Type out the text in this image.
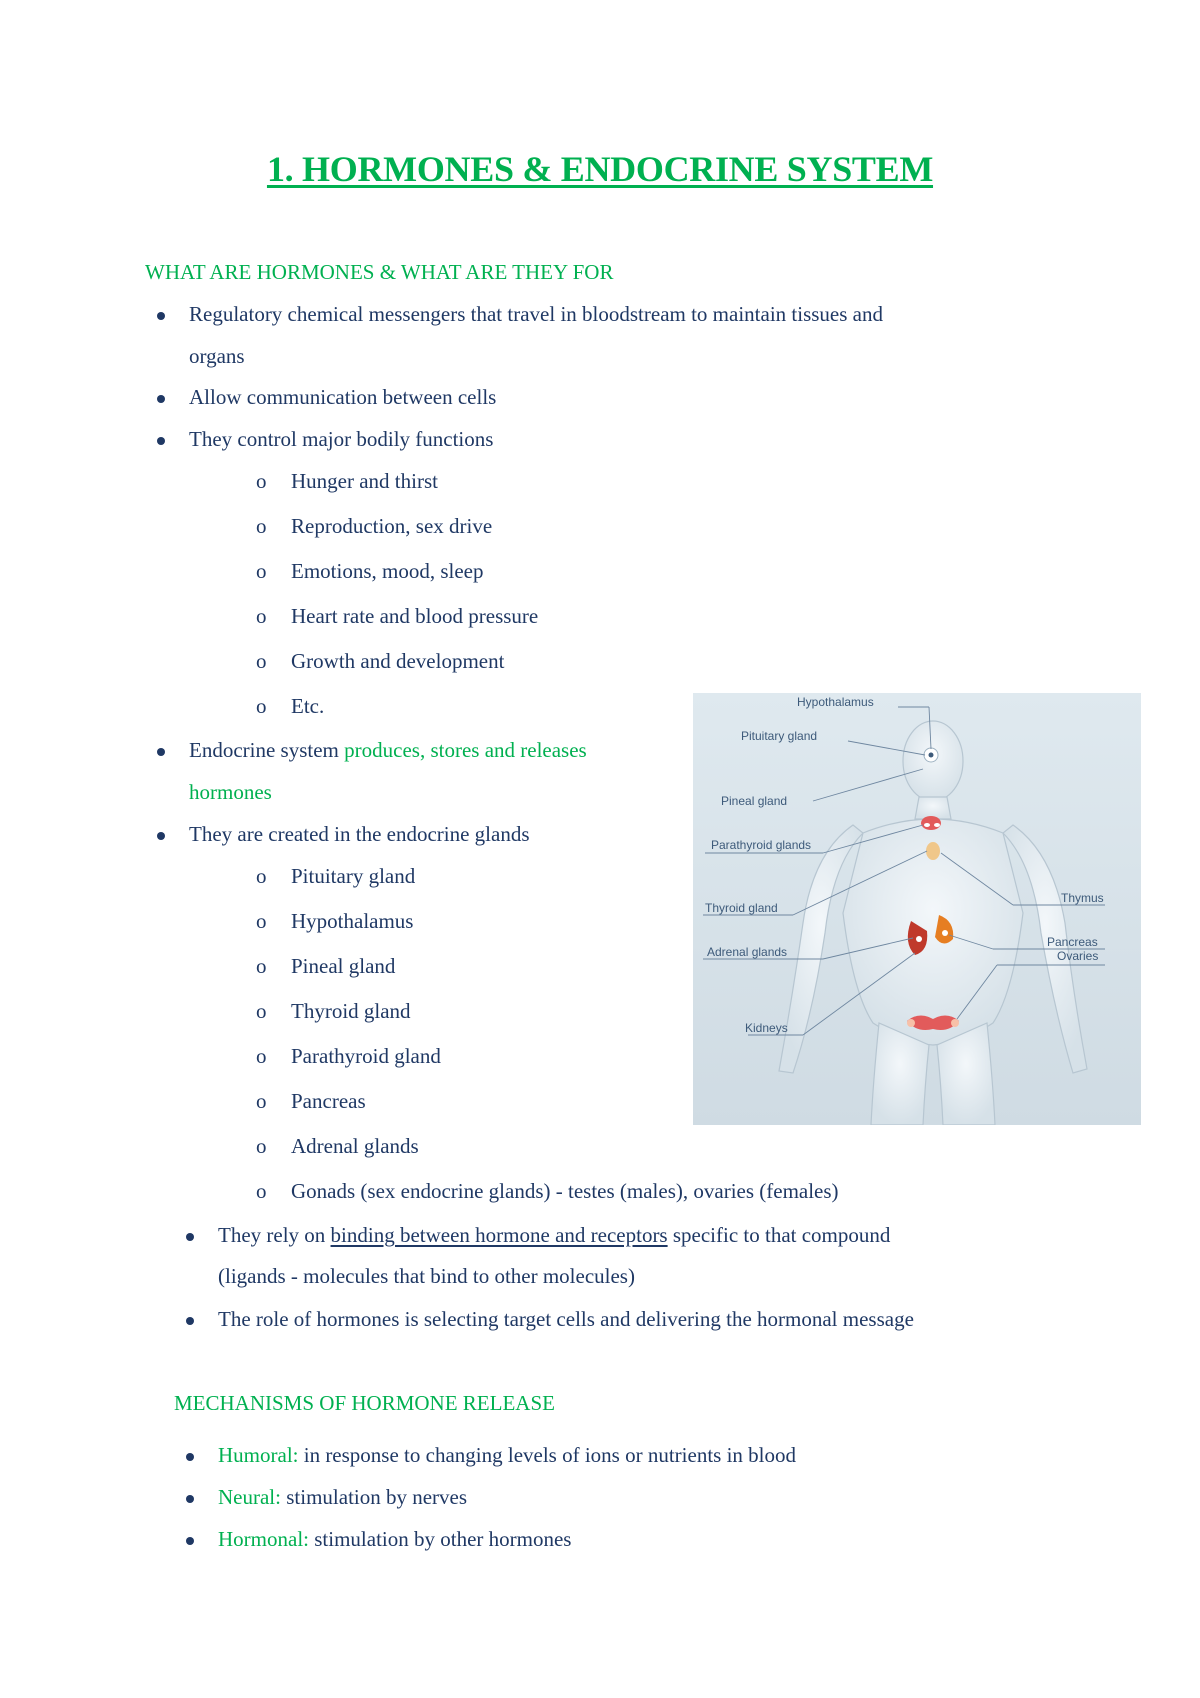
1. HORMONES & ENDOCRINE SYSTEM

WHAT ARE HORMONES & WHAT ARE THEY FOR

Regulatory chemical messengers that travel in bloodstream to maintain tissues and

organs

Allow communication between cells

They control major bodily functions

o Hunger and thirst

o Reproduction, sex drive

o Emotions, mood, sleep

o Heart rate and blood pressure

o Growth and development

o Etc.

Endocrine system produces, stores and releases

hormones

They are created in the endocrine glands

o Pituitary gland

o Hypothalamus

o Pineal gland

o Thyroid gland

o Parathyroid gland

o Pancreas

o Adrenal glands

o Gonads (sex endocrine glands) - testes (males), ovaries (females)

They rely on binding between hormone and receptors specific to that compound

(ligands - molecules that bind to other molecules)

The role of hormones is selecting target cells and delivering the hormonal message

MECHANISMS OF HORMONE RELEASE

Humoral: in response to changing levels of ions or nutrients in blood

Neural: stimulation by nerves

Hormonal: stimulation by other hormones

Hypothalamus
Pituitary gland
Pineal gland
Parathyroid glands
Thyroid gland
Adrenal glands
Kidneys
Thymus
Pancreas
Ovaries
